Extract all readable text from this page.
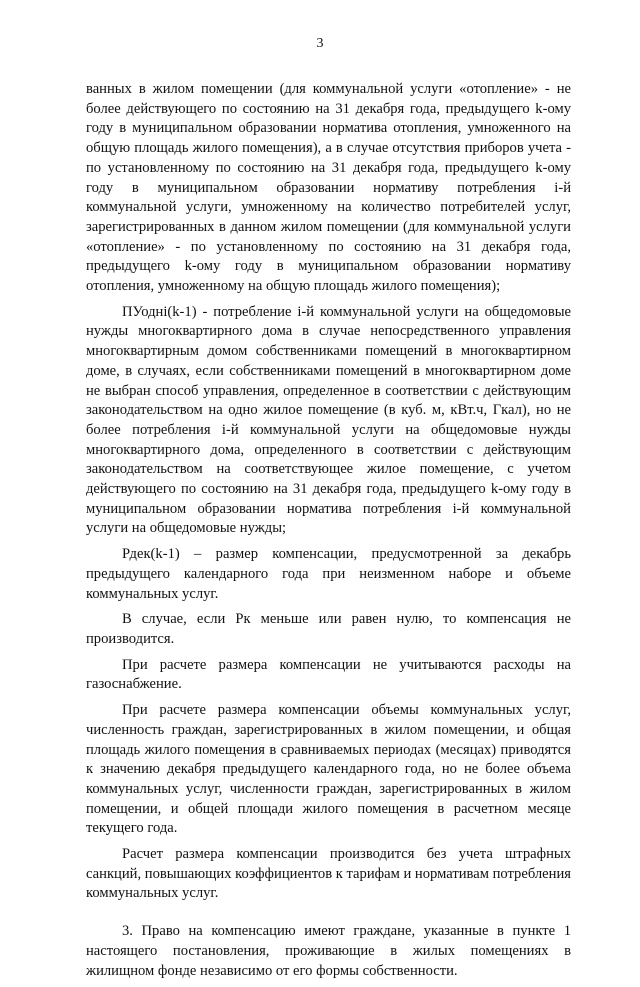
3

ванных в жилом помещении (для коммунальной услуги «отопление» - не более действующего по состоянию на 31 декабря года, предыдущего k-ому году в муниципальном образовании норматива отопления, умноженного на общую площадь жилого помещения), а в случае отсутствия приборов учета - по установленному по состоянию на 31 декабря года, предыдущего k-ому году в муниципальном образовании нормативу потребления i-й коммунальной услуги, умноженному на количество потребителей услуг, зарегистрированных в данном жилом помещении (для коммунальной услуги «отопление» - по установленному по состоянию на 31 декабря года, предыдущего k-ому году в муниципальном образовании нормативу отопления, умноженному на общую площадь жилого помещения);

ПУодні(k-1) - потребление i-й коммунальной услуги на общедомовые нужды многоквартирного дома в случае непосредственного управления многоквартирным домом собственниками помещений в многоквартирном доме, в случаях, если собственниками помещений в многоквартирном доме не выбран способ управления, определенное в соответствии с действующим законодательством на одно жилое помещение (в куб. м, кВт.ч, Гкал), но не более потребления i-й коммунальной услуги на общедомовые нужды многоквартирного дома, определенного в соответствии с действующим законодательством на соответствующее жилое помещение, с учетом действующего по состоянию на 31 декабря года, предыдущего k-ому году в муниципальном образовании норматива потребления i-й коммунальной услуги на общедомовые нужды;

Рдек(k-1) – размер компенсации, предусмотренной за декабрь предыдущего календарного года при неизменном наборе и объеме коммунальных услуг.

В случае, если Рк меньше или равен нулю, то компенсация не производится.

При расчете размера компенсации не учитываются расходы на газоснабжение.

При расчете размера компенсации объемы коммунальных услуг, численность граждан, зарегистрированных в жилом помещении, и общая площадь жилого помещения в сравниваемых периодах (месяцах) приводятся к значению декабря предыдущего календарного года, но не более объема коммунальных услуг, численности граждан, зарегистрированных в жилом помещении, и общей площади жилого помещения в расчетном месяце текущего года.

Расчет размера компенсации производится без учета штрафных санкций, повышающих коэффициентов к тарифам и нормативам потребления коммунальных услуг.

3. Право на компенсацию имеют граждане, указанные в пункте 1 настоящего постановления, проживающие в жилых помещениях в жилищном фонде независимо от его формы собственности.
